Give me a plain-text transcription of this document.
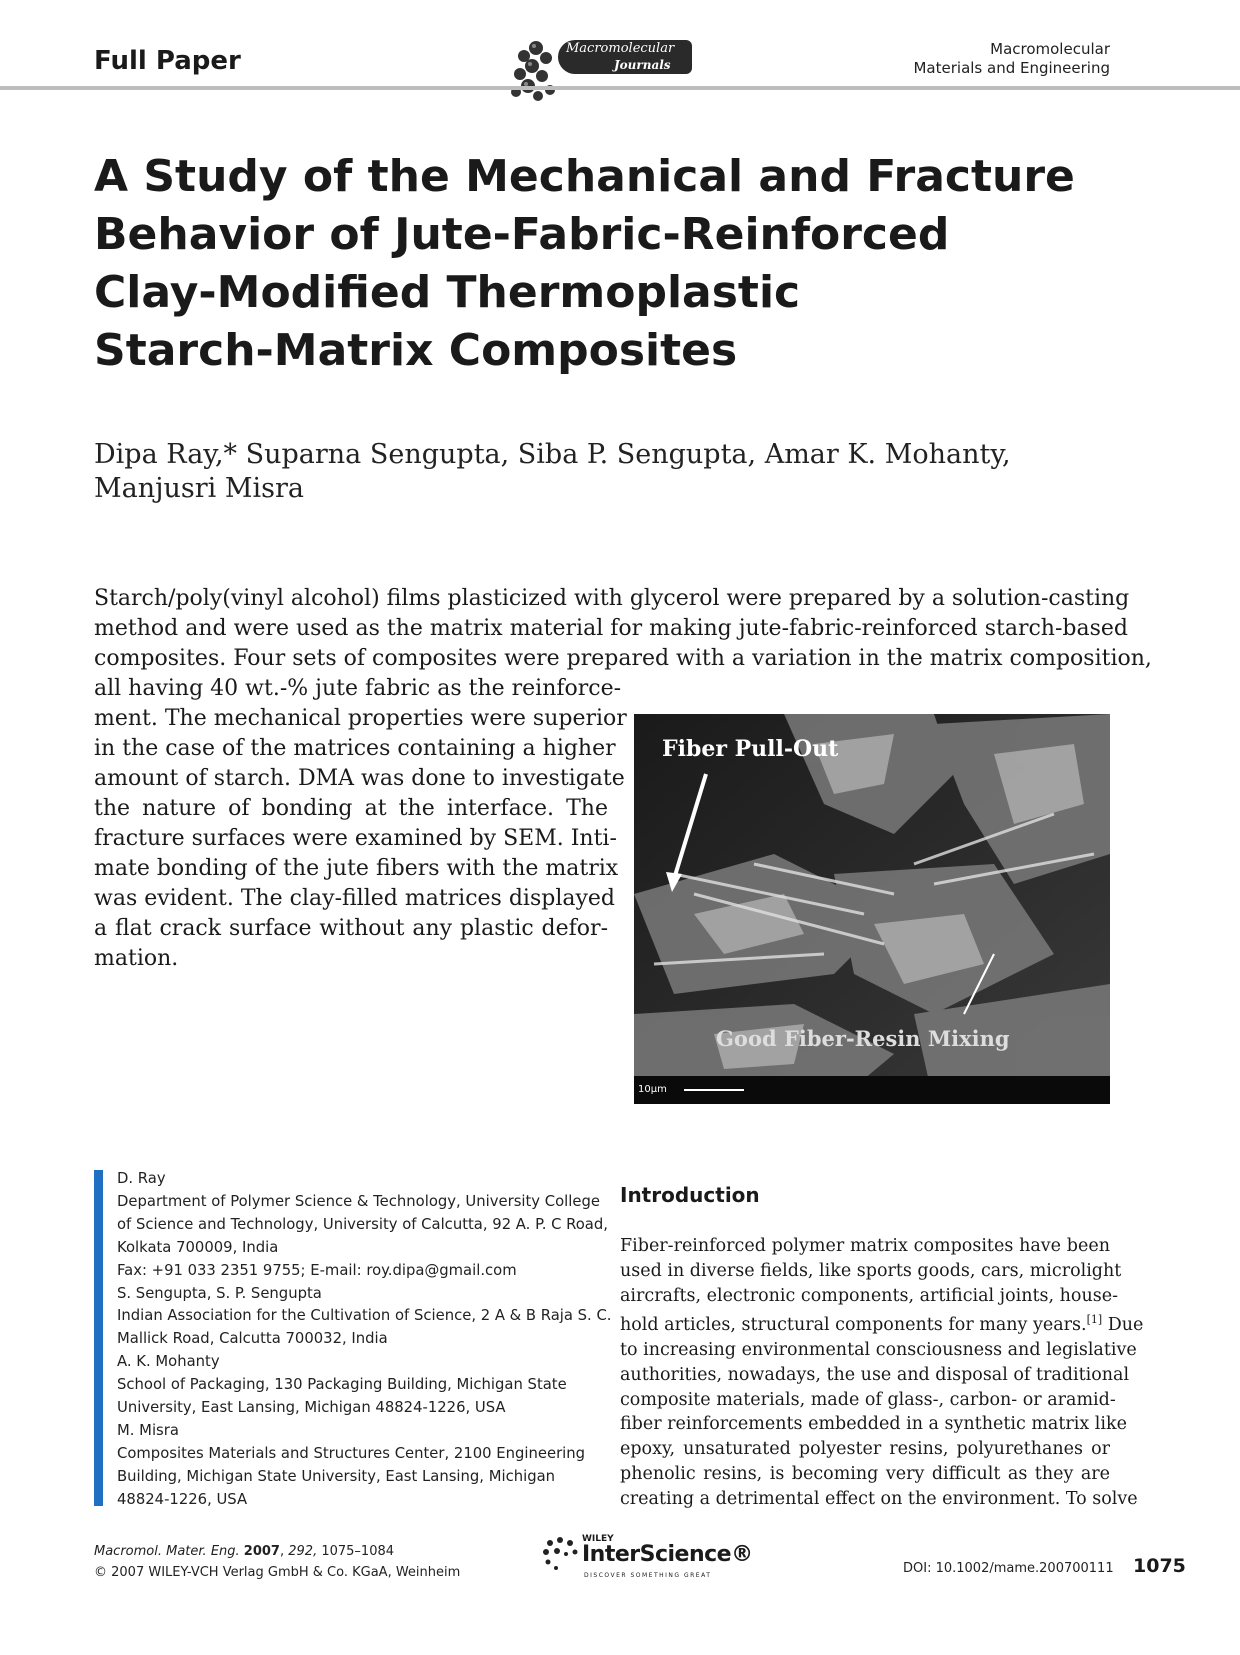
Full Paper	Macromolecular
Journals
Macromolecular
Materials and Engineering
A Study of the Mechanical and Fracture
Behavior of Jute-Fabric-Reinforced
Clay-Modified Thermoplastic
Starch-Matrix Composites
Dipa Ray,* Suparna Sengupta, Siba P. Sengupta, Amar K. Mohanty,
Manjusri Misra
Starch/poly(vinyl alcohol) films plasticized with glycerol were prepared by a solution-casting
method and were used as the matrix material for making jute-fabric-reinforced starch-based
composites. Four sets of composites were prepared with a variation in the matrix composition,
all having 40 wt.-% jute fabric as the reinforce-
ment. The mechanical properties were superior
in the case of the matrices containing a higher
amount of starch. DMA was done to investigate
the nature of bonding at the interface. The
fracture surfaces were examined by SEM. Inti-
mate bonding of the jute fibers with the matrix
was evident. The clay-filled matrices displayed
a flat crack surface without any plastic defor-
mation.
Fiber Pull-Out
Good Fiber-Resin Mixing
10μm
D. Ray
Department of Polymer Science & Technology, University College
of Science and Technology, University of Calcutta, 92 A. P. C Road,
Kolkata 700009, India
Fax: +91 033 2351 9755; E-mail: roy.dipa@gmail.com
S. Sengupta, S. P. Sengupta
Indian Association for the Cultivation of Science, 2 A & B Raja S. C.
Mallick Road, Calcutta 700032, India
A. K. Mohanty
School of Packaging, 130 Packaging Building, Michigan State
University, East Lansing, Michigan 48824-1226, USA
M. Misra
Composites Materials and Structures Center, 2100 Engineering
Building, Michigan State University, East Lansing, Michigan
48824-1226, USA
Introduction
Fiber-reinforced polymer matrix composites have been
used in diverse fields, like sports goods, cars, microlight
aircrafts, electronic components, artificial joints, house-
hold articles, structural components for many years.[1] Due
to increasing environmental consciousness and legislative
authorities, nowadays, the use and disposal of traditional
composite materials, made of glass-, carbon- or aramid-
fiber reinforcements embedded in a synthetic matrix like
epoxy, unsaturated polyester resins, polyurethanes or
phenolic resins, is becoming very difficult as they are
creating a detrimental effect on the environment. To solve
Macromol. Mater. Eng. 2007, 292, 1075–1084
© 2007 WILEY-VCH Verlag GmbH & Co. KGaA, Weinheim
WILEY
InterScience®
DISCOVER SOMETHING GREAT	DOI: 10.1002/mame.200700111 1075
